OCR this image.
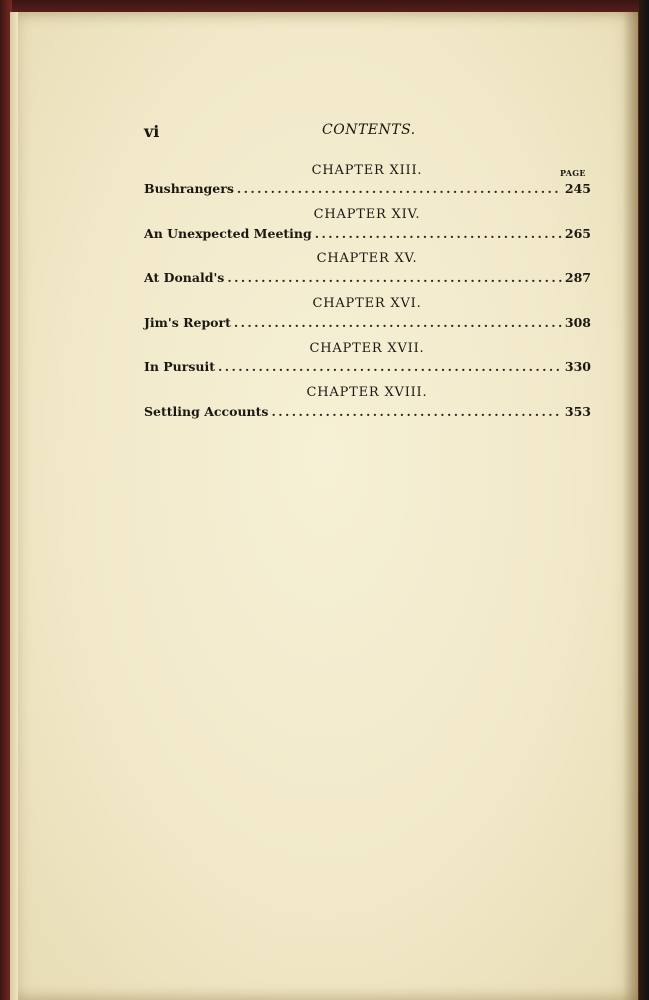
vi	CONTENTS.
PAGE
CHAPTER XIII.
Bushrangers .....	245
CHAPTER XIV.
An Unexpected Meeting .....	265
CHAPTER XV.
At Donald's .....	287
CHAPTER XVI.
Jim's Report .....	308
CHAPTER XVII.
In Pursuit .....	330
CHAPTER XVIII.
Settling Accounts .....	353
